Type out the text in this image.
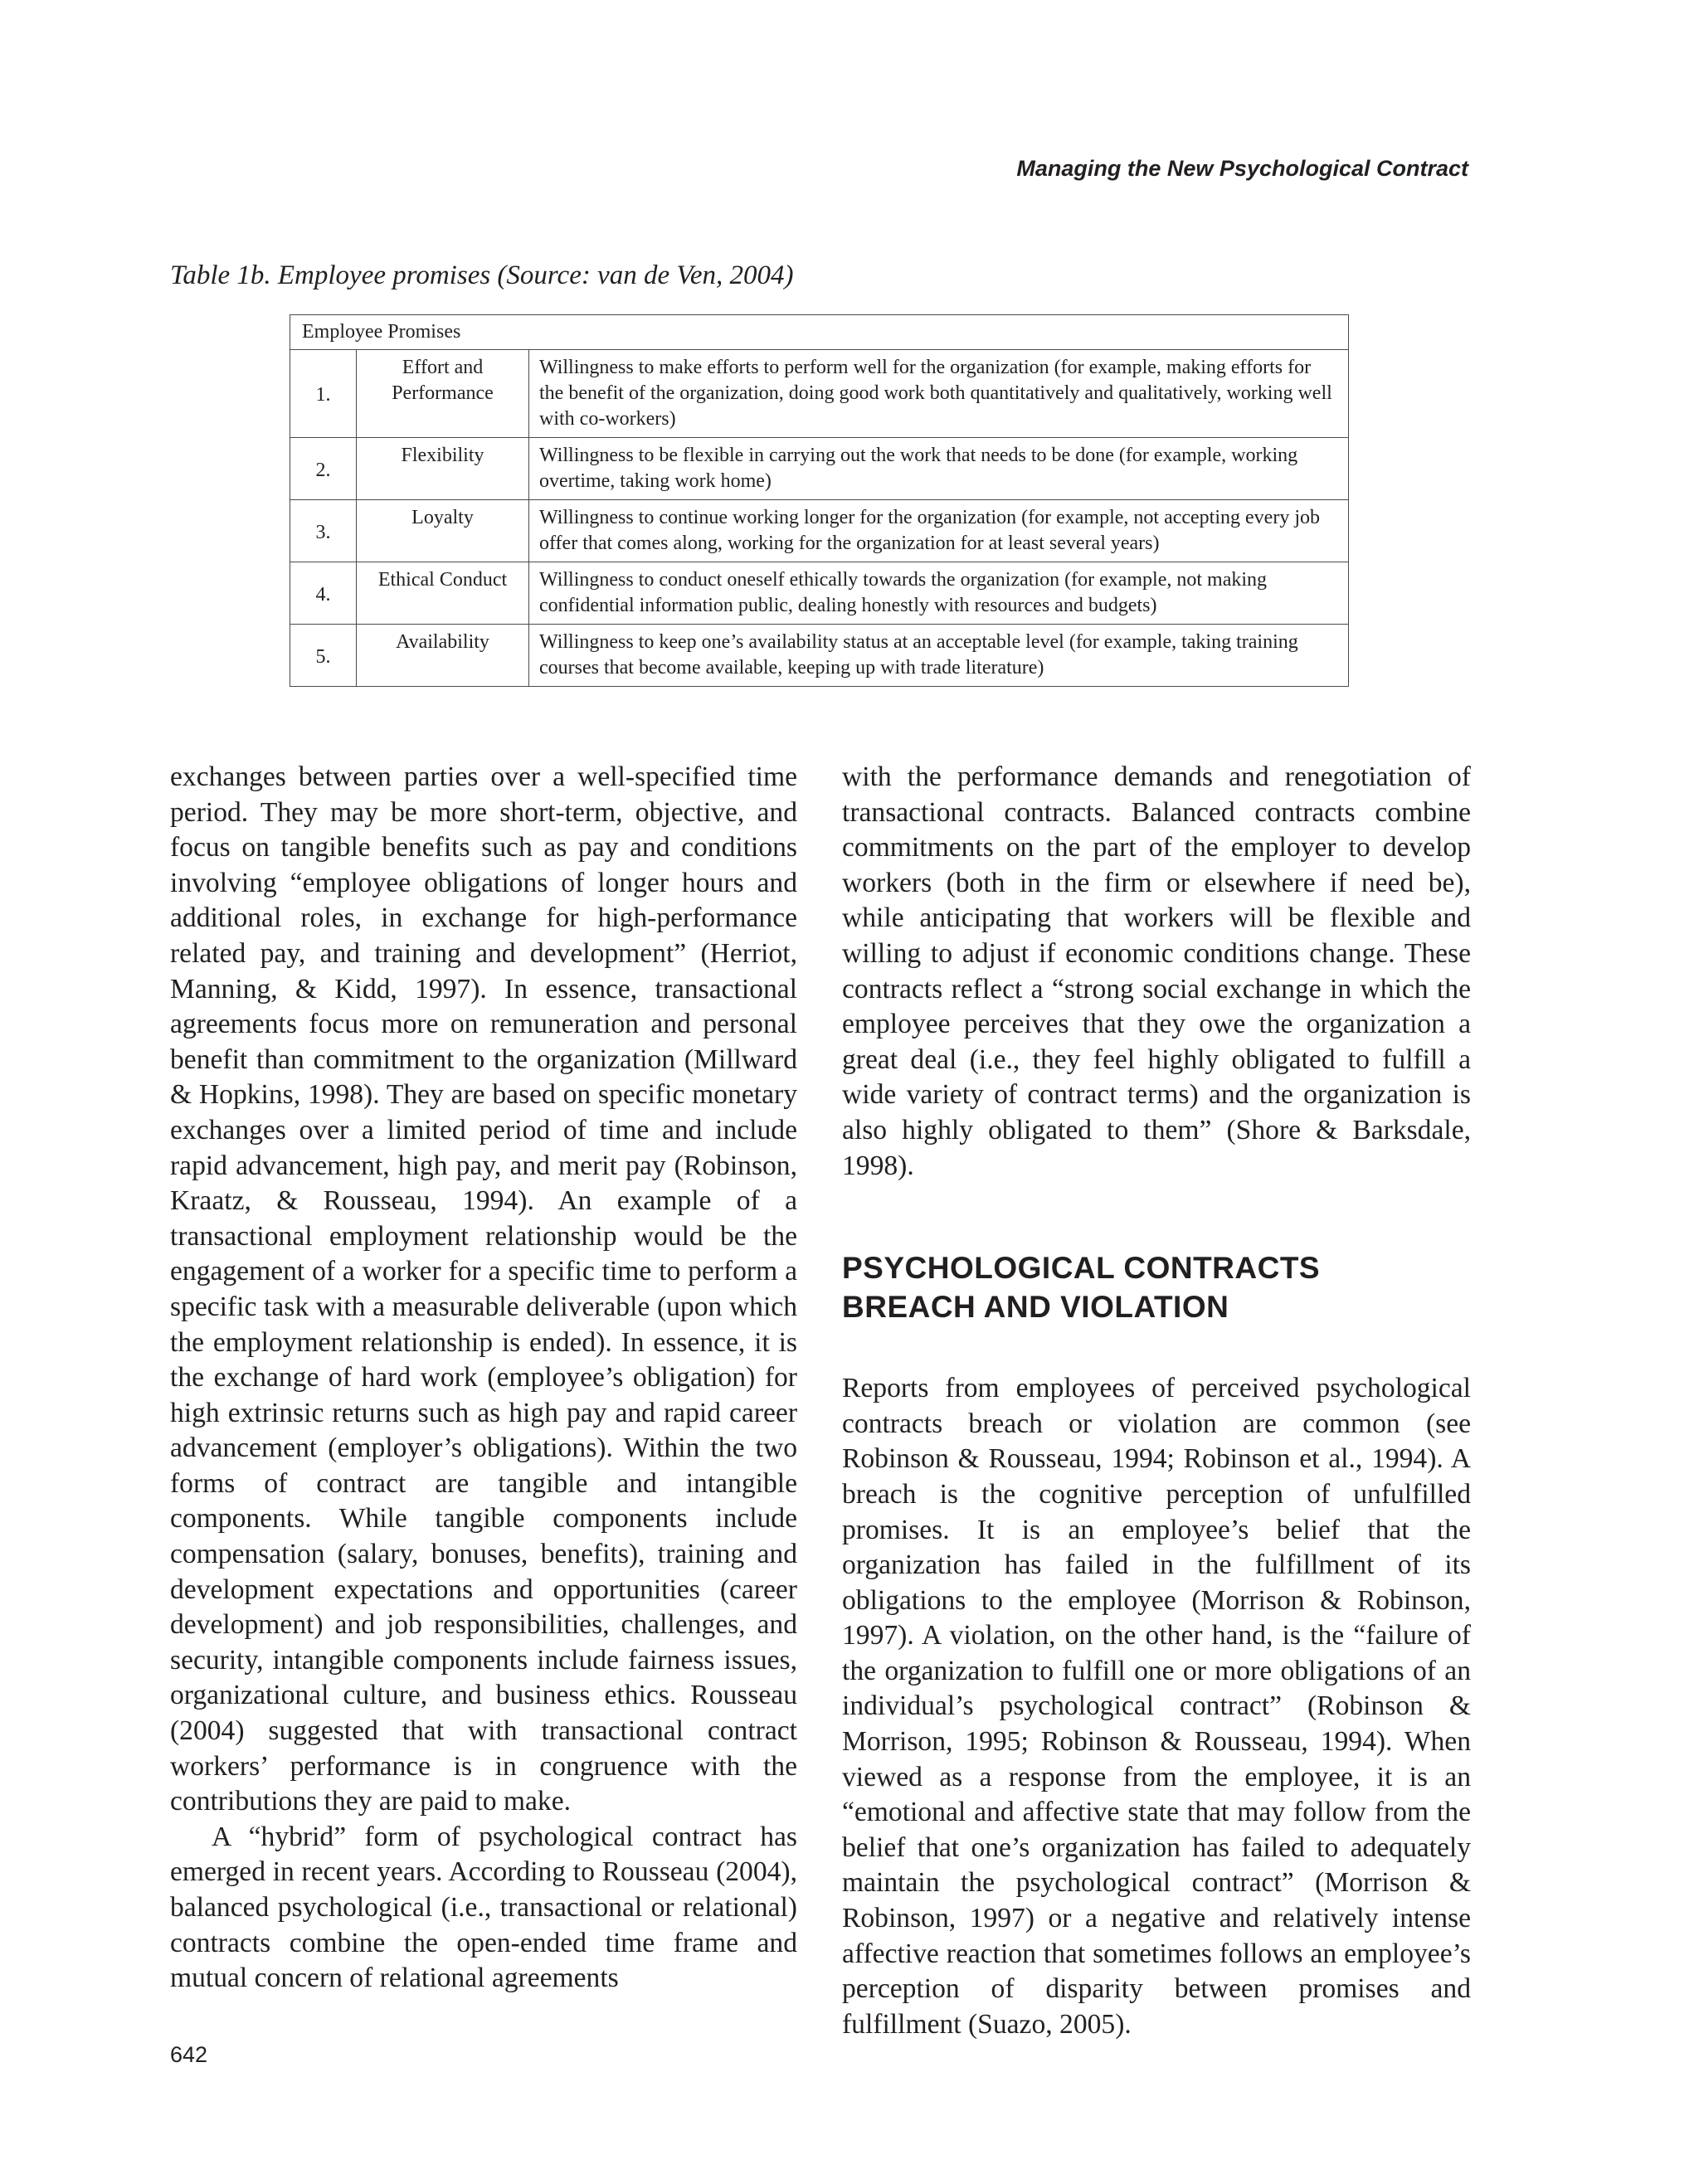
Managing the New Psychological Contract
Table 1b. Employee promises (Source: van de Ven, 2004)
Employee Promises		
1.	Effort and Performance	Willingness to make efforts to perform well for the organization (for example, making efforts for the benefit of the organization, doing good work both quantitatively and qualitatively, working well with co-workers)
2.	Flexibility	Willingness to be flexible in carrying out the work that needs to be done (for example, working overtime, taking work home)
3.	Loyalty	Willingness to continue working longer for the organization (for example, not accepting every job offer that comes along, working for the organization for at least several years)
4.	Ethical Conduct	Willingness to conduct oneself ethically towards the organization (for example, not making confidential information public, dealing honestly with resources and budgets)
5.	Availability	Willingness to keep one’s availability status at an acceptable level (for example, taking training courses that become available, keeping up with trade literature)

exchanges between parties over a well-specified time period. They may be more short-term, objective, and focus on tangible benefits such as pay and conditions involving “employee obligations of longer hours and additional roles, in exchange for high-performance related pay, and training and development” (Herriot, Manning, & Kidd, 1997). In essence, transactional agreements focus more on remuneration and personal benefit than commitment to the organization (Millward & Hopkins, 1998). They are based on specific monetary exchanges over a limited period of time and include rapid advancement, high pay, and merit pay (Robinson, Kraatz, & Rousseau, 1994). An example of a transactional employment relationship would be the engagement of a worker for a specific time to perform a specific task with a measurable deliverable (upon which the employment relationship is ended). In essence, it is the exchange of hard work (employee’s obligation) for high extrinsic returns such as high pay and rapid career advancement (employer’s obligations). Within the two forms of contract are tangible and intangible components. While tangible components include compensation (salary, bonuses, benefits), training and development expectations and opportunities (career development) and job responsibilities, challenges, and security, intangible components include fairness issues, organizational culture, and business ethics. Rousseau (2004) suggested that with transactional contract workers’ performance is in congruence with the contributions they are paid to make.

A “hybrid” form of psychological contract has emerged in recent years. According to Rousseau (2004), balanced psychological (i.e., transactional or relational) contracts combine the open-ended time frame and mutual concern of relational agreements

with the performance demands and renegotiation of transactional contracts. Balanced contracts combine commitments on the part of the employer to develop workers (both in the firm or elsewhere if need be), while anticipating that workers will be flexible and willing to adjust if economic conditions change. These contracts reflect a “strong social exchange in which the employee perceives that they owe the organization a great deal (i.e., they feel highly obligated to fulfill a wide variety of contract terms) and the organization is also highly obligated to them” (Shore & Barksdale, 1998).

PSYCHOLOGICAL CONTRACTS
BREACH AND VIOLATION

Reports from employees of perceived psychological contracts breach or violation are common (see Robinson & Rousseau, 1994; Robinson et al., 1994). A breach is the cognitive perception of unfulfilled promises. It is an employee’s belief that the organization has failed in the fulfillment of its obligations to the employee (Morrison & Robinson, 1997). A violation, on the other hand, is the “failure of the organization to fulfill one or more obligations of an individual’s psychological contract” (Robinson & Morrison, 1995; Robinson & Rousseau, 1994). When viewed as a response from the employee, it is an “emotional and affective state that may follow from the belief that one’s organization has failed to adequately maintain the psychological contract” (Morrison & Robinson, 1997) or a negative and relatively intense affective reaction that sometimes follows an employee’s perception of disparity between promises and fulfillment (Suazo, 2005).

642
